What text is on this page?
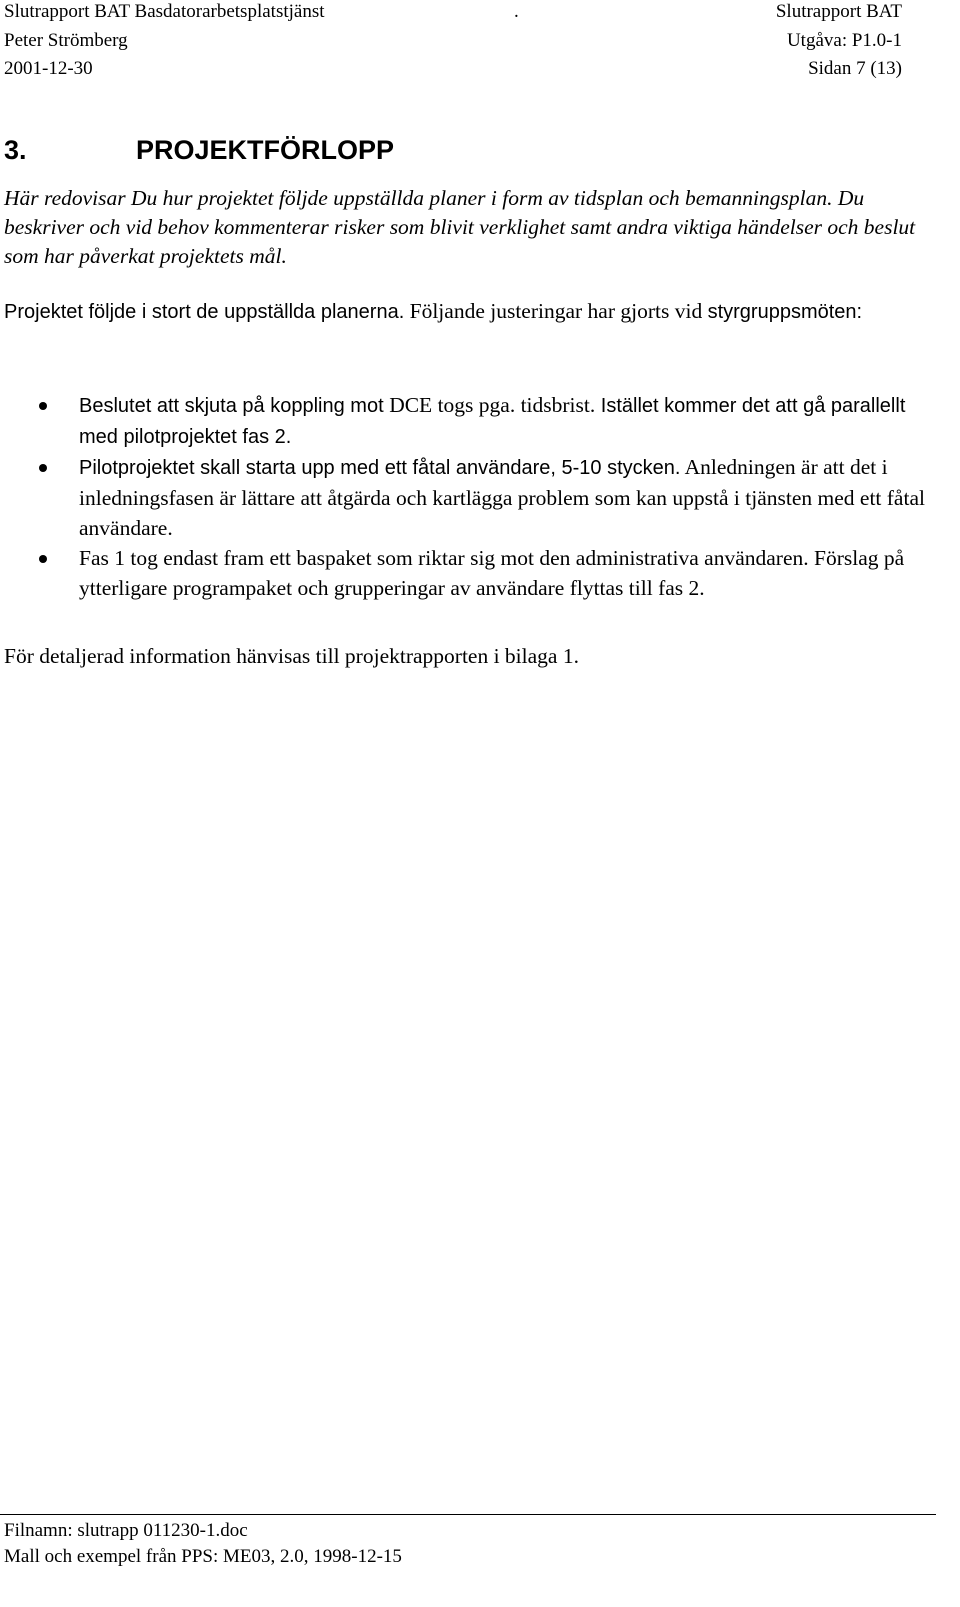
Slutrapport BAT Basdatorarbetsplatstjänst	.	Slutrapport BAT
Peter Strömberg	Utgåva: P1.0-1
2001-12-30	Sidan 7 (13)
3.	PROJEKTFÖRLOPP

Här redovisar Du hur projektet följde uppställda planer i form av tidsplan och bemanningsplan. Du beskriver och vid behov kommenterar risker som blivit verklighet samt andra viktiga händelser och beslut som har påverkat projektets mål.

Projektet följde i stort de uppställda planerna. Följande justeringar har gjorts vid styrgruppsmöten:

Beslutet att skjuta på koppling mot DCE togs pga. tidsbrist. Istället kommer det att gå parallellt med pilotprojektet fas 2.
Pilotprojektet skall starta upp med ett fåtal användare, 5-10 stycken. Anledningen är att det i inledningsfasen är lättare att åtgärda och kartlägga problem som kan uppstå i tjänsten med ett fåtal användare.
Fas 1 tog endast fram ett baspaket som riktar sig mot den administrativa användaren. Förslag på ytterligare programpaket och grupperingar av användare flyttas till fas 2.

För detaljerad information hänvisas till projektrapporten i bilaga 1.

Filnamn: slutrapp 011230-1.doc
Mall och exempel från PPS: ME03, 2.0, 1998-12-15
